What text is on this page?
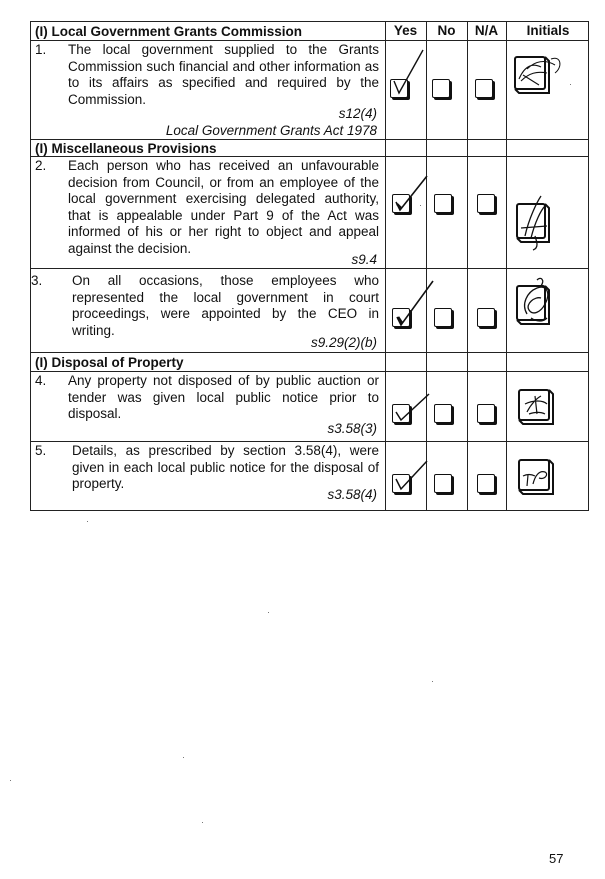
(I) Local Government Grants Commission	Yes	No	N/A	Initials
1. The local government supplied to the Grants Commission such financial and other information as to its affairs as specified and required by the Commission.
s12(4)
Local Government Grants Act 1978
(I) Miscellaneous Provisions
2. Each person who has received an unfavourable decision from Council, or from an employee of the local government exercising delegated authority, that is appealable under Part 9 of the Act was informed of his or her right to object and appeal against the decision.
s9.4
3. On all occasions, those employees who represented the local government in court proceedings, were appointed by the CEO in writing.
s9.29(2)(b)
(I) Disposal of Property
4. Any property not disposed of by public auction or tender was given local public notice prior to disposal.
s3.58(3)
5. Details, as prescribed by section 3.58(4), were given in each local public notice for the disposal of property.
s3.58(4)
57
